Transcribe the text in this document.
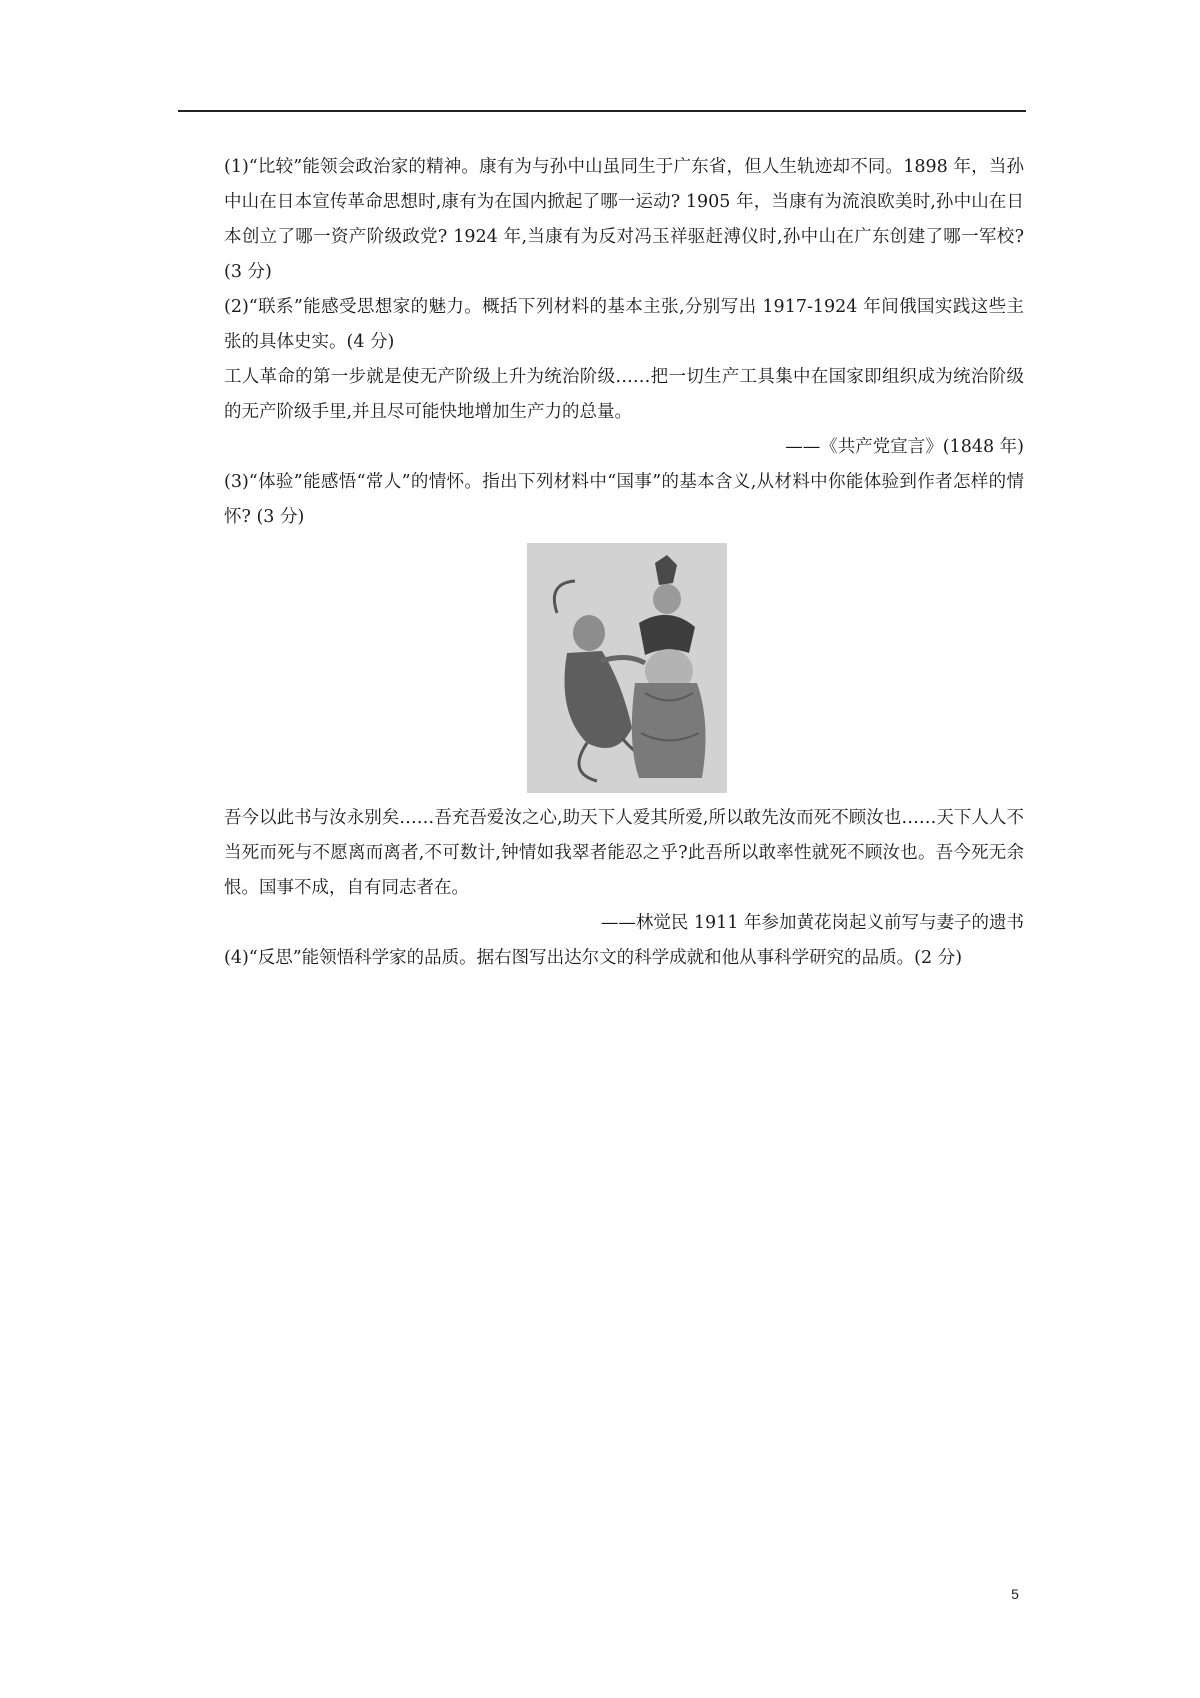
(1)“比较”能领会政治家的精神。康有为与孙中山虽同生于广东省，但人生轨迹却不同。1898 年，当孙中山在日本宣传革命思想时,康有为在国内掀起了哪一运动? 1905 年，当康有为流浪欧美时,孙中山在日本创立了哪一资产阶级政党? 1924 年,当康有为反对冯玉祥驱赶溥仪时,孙中山在广东创建了哪一军校? (3 分)

(2)“联系”能感受思想家的魅力。概括下列材料的基本主张,分别写出 1917-1924 年间俄国实践这些主张的具体史实。(4 分)

工人革命的第一步就是使无产阶级上升为统治阶级……把一切生产工具集中在国家即组织成为统治阶级的无产阶级手里,并且尽可能快地增加生产力的总量。

——《共产党宣言》(1848 年)

(3)“体验”能感悟“常人”的情怀。指出下列材料中“国事”的基本含义,从材料中你能体验到作者怎样的情怀? (3 分)

吾今以此书与汝永别矣……吾充吾爱汝之心,助天下人爱其所爱,所以敢先汝而死不顾汝也……天下人人不当死而死与不愿离而离者,不可数计,钟情如我翠者能忍之乎?此吾所以敢率性就死不顾汝也。吾今死无余恨。国事不成，自有同志者在。

——林觉民 1911 年参加黄花岗起义前写与妻子的遗书

(4)“反思”能领悟科学家的品质。据右图写出达尔文的科学成就和他从事科学研究的品质。(2 分)

5
